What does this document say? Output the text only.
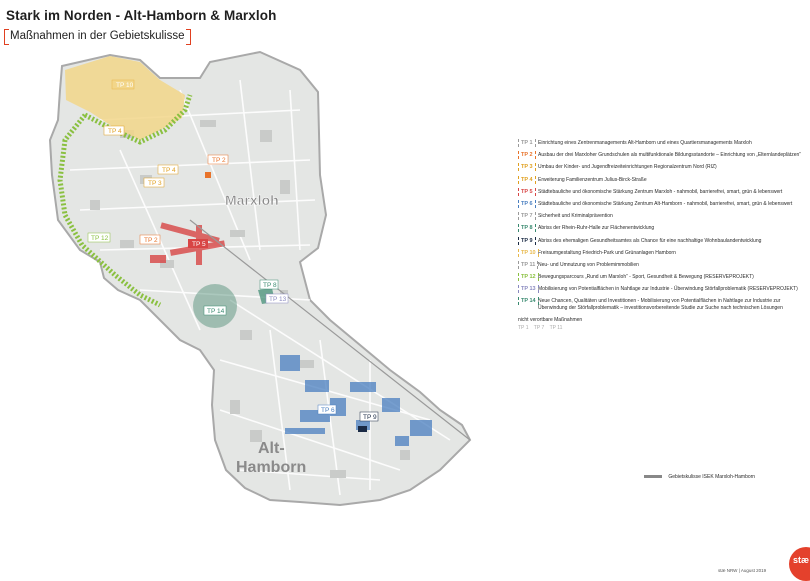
Marxloh
Alt-
Hamborn
TP 10
TP 4
TP 2
TP 4
TP 3
TP 12	TP 2
TP 5
TP 8
TP 13
TP 14
TP 6
TP 9
Stark im Norden - Alt-Hamborn & Marxloh
Maßnahmen in der Gebietskulisse
TP 1	Einrichtung eines Zentrenmanagements Alt-Hamborn und eines Quartiersmanagements Marxloh
TP 2	Ausbau der drei Marxloher Grundschulen als multifunktionale Bildungsstandorte – Einrichtung von „Elternlandeplätzen“
TP 3	Umbau der Kinder- und Jugendfreizeiteinrichtungen Regionalzentrum Nord (RIZ)
TP 4	Erweiterung Familienzentrum Julius-Birck-Straße
TP 5	Städtebauliche und ökonomische Stärkung Zentrum Marxloh - nahmobil, barrierefrei, smart, grün & lebenswert
TP 6	Städtebauliche und ökonomische Stärkung Zentrum Alt-Hamborn - nahmobil, barrierefrei, smart, grün & lebenswert
TP 7	Sicherheit und Kriminalprävention
TP 8	Abriss der Rhein-Ruhr-Halle zur Flächenentwicklung
TP 9	Abriss des ehemaligen Gesundheitsamtes als Chance für eine nachhaltige Wohnbaulandentwicklung
TP 10 Freiraumgestaltung Friedrich-Park und Grünanlagen Hamborn
TP 11 Neu- und Umnutzung von Problemimmobilien
TP 12 Bewegungsparcours „Rund um Marxloh“ - Sport, Gesundheit & Bewegung (RESERVEPROJEKT)
TP 13 Mobilisierung von Potentialflächen in Nahtlage zur Industrie - Überwindung Störfallproblematik (RESERVEPROJEKT)
TP 14 Neue Chancen, Qualitäten und Investitionen - Mobilisierung von Potentialflächen in Nahtlage zur Industrie zur Überwindung der Störfallproblematik – investitionsvorbereitende Studie zur Suche nach technischen Lösungen
nicht verortbare Maßnahmen
TP 1 TP 7 TP 11
Gebietskulisse ISEK Marxloh-Hamborn
stæ NRW | August 2019
stæ
